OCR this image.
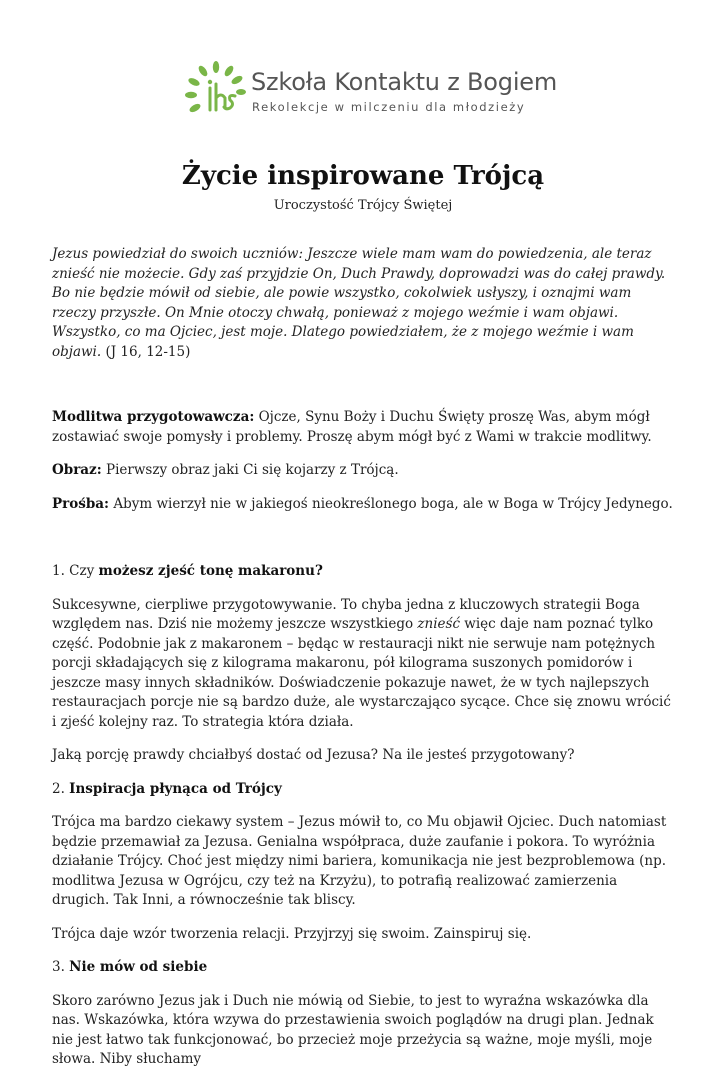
Szkoła Kontaktu z Bogiem
Rekolekcje w milczeniu dla młodzieży
Życie inspirowane Trójcą
Uroczystość Trójcy Świętej

Jezus powiedział do swoich uczniów: Jeszcze wiele mam wam do powiedzenia, ale teraz znieść nie możecie. Gdy zaś przyjdzie On, Duch Prawdy, doprowadzi was do całej prawdy. Bo nie będzie mówił od siebie, ale powie wszystko, cokolwiek usłyszy, i oznajmi wam rzeczy przyszłe. On Mnie otoczy chwałą, ponieważ z mojego weźmie i wam objawi. Wszystko, co ma Ojciec, jest moje. Dlatego powiedziałem, że z mojego weźmie i wam objawi. (J 16, 12-15)

Modlitwa przygotowawcza: Ojcze, Synu Boży i Duchu Święty proszę Was, abym mógł zostawiać swoje pomysły i problemy. Proszę abym mógł być z Wami w trakcie modlitwy.

Obraz: Pierwszy obraz jaki Ci się kojarzy z Trójcą.

Prośba: Abym wierzył nie w jakiegoś nieokreślonego boga, ale w Boga w Trójcy Jedynego.

1. Czy możesz zjeść tonę makaronu?

Sukcesywne, cierpliwe przygotowywanie. To chyba jedna z kluczowych strategii Boga względem nas. Dziś nie możemy jeszcze wszystkiego znieść więc daje nam poznać tylko część. Podobnie jak z makaronem – będąc w restauracji nikt nie serwuje nam potężnych porcji składających się z kilograma makaronu, pół kilograma suszonych pomidorów i jeszcze masy innych składników. Doświadczenie pokazuje nawet, że w tych najlepszych restauracjach porcje nie są bardzo duże, ale wystarczająco sycące. Chce się znowu wrócić i zjeść kolejny raz. To strategia która działa.

Jaką porcję prawdy chciałbyś dostać od Jezusa? Na ile jesteś przygotowany?

2. Inspiracja płynąca od Trójcy

Trójca ma bardzo ciekawy system – Jezus mówił to, co Mu objawił Ojciec. Duch natomiast będzie przemawiał za Jezusa. Genialna współpraca, duże zaufanie i pokora. To wyróżnia działanie Trójcy. Choć jest między nimi bariera, komunikacja nie jest bezproblemowa (np. modlitwa Jezusa w Ogrójcu, czy też na Krzyżu), to potrafią realizować zamierzenia drugich. Tak Inni, a równocześnie tak bliscy.

Trójca daje wzór tworzenia relacji. Przyjrzyj się swoim. Zainspiruj się.

3. Nie mów od siebie

Skoro zarówno Jezus jak i Duch nie mówią od Siebie, to jest to wyraźna wskazówka dla nas. Wskazówka, która wzywa do przestawienia swoich poglądów na drugi plan. Jednak nie jest łatwo tak funkcjonować, bo przecież moje przeżycia są ważne, moje myśli, moje słowa. Niby słuchamy
